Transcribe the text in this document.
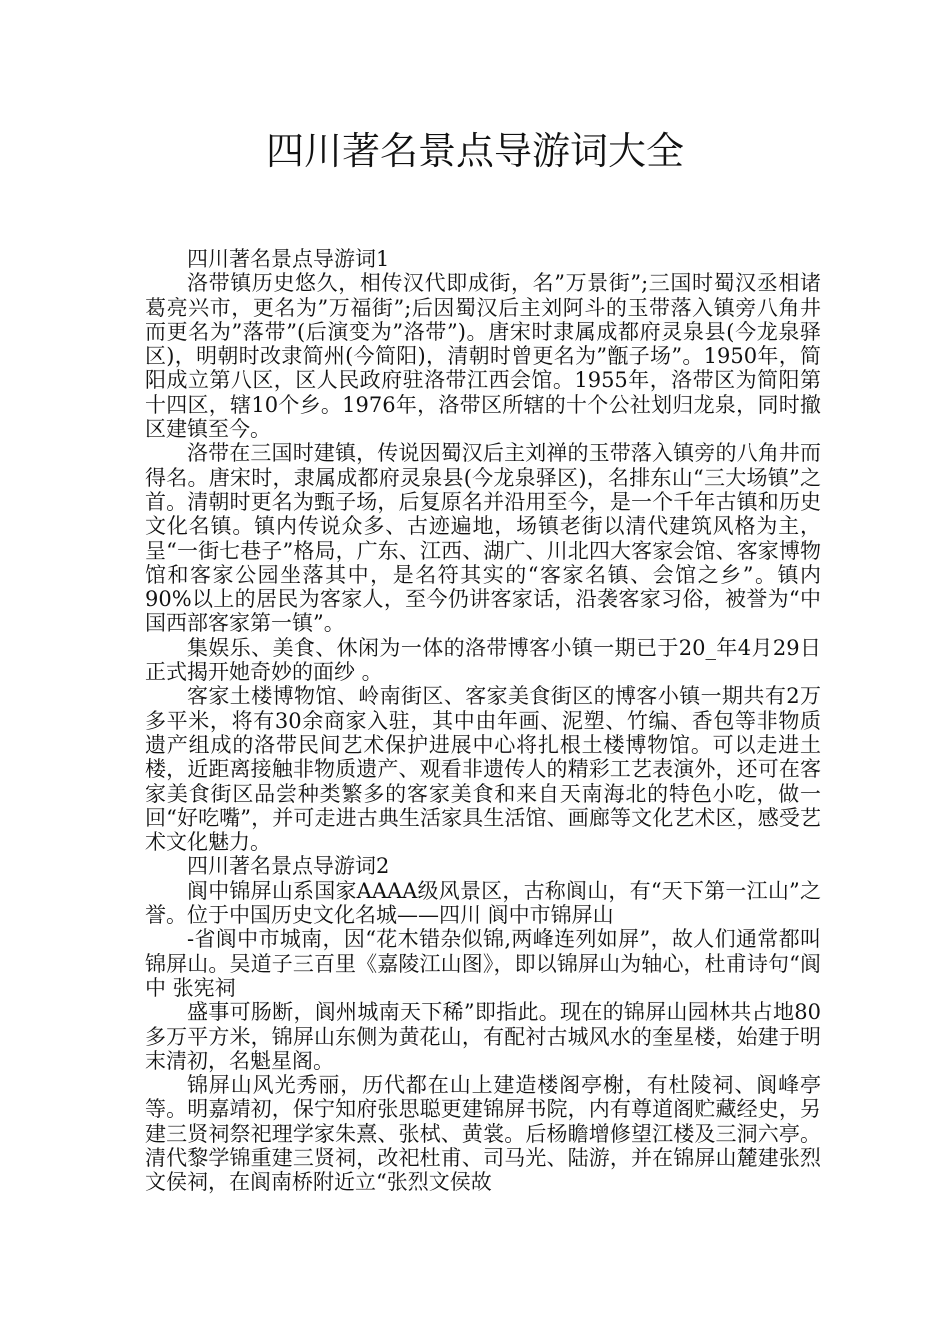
四川著名景点导游词大全

四川著名景点导游词1

洛带镇历史悠久，相传汉代即成街，名”万景街”;三国时蜀汉丞相诸葛亮兴市，更名为”万福街”;后因蜀汉后主刘阿斗的玉带落入镇旁八角井而更名为”落带”(后演变为”洛带”)。唐宋时隶属成都府灵泉县(今龙泉驿区)，明朝时改隶简州(今简阳)，清朝时曾更名为”甑子场”。1950年，简阳成立第八区，区人民政府驻洛带江西会馆。1955年，洛带区为简阳第十四区，辖10个乡。1976年，洛带区所辖的十个公社划归龙泉，同时撤区建镇至今。

洛带在三国时建镇，传说因蜀汉后主刘禅的玉带落入镇旁的八角井而得名。唐宋时，隶属成都府灵泉县(今龙泉驿区)，名排东山“三大场镇”之首。清朝时更名为甄子场，后复原名并沿用至今，是一个千年古镇和历史文化名镇。镇内传说众多、古迹遍地，场镇老街以清代建筑风格为主，呈“一街七巷子”格局，广东、江西、湖广、川北四大客家会馆、客家博物馆和客家公园坐落其中，是名符其实的“客家名镇、会馆之乡”。镇内90%以上的居民为客家人，至今仍讲客家话，沿袭客家习俗，被誉为“中国西部客家第一镇”。

集娱乐、美食、休闲为一体的洛带博客小镇一期已于20_年4月29日正式揭开她奇妙的面纱 。

客家土楼博物馆、岭南街区、客家美食街区的博客小镇一期共有2万多平米，将有30余商家入驻，其中由年画、泥塑、竹编、香包等非物质遗产组成的洛带民间艺术保护进展中心将扎根土楼博物馆。可以走进土楼，近距离接触非物质遗产、观看非遗传人的精彩工艺表演外，还可在客家美食街区品尝种类繁多的客家美食和来自天南海北的特色小吃，做一回“好吃嘴”，并可走进古典生活家具生活馆、画廊等文化艺术区，感受艺术文化魅力。

四川著名景点导游词2

阆中锦屏山系国家AAAA级风景区，古称阆山，有“天下第一江山”之誉。位于中国历史文化名城——四川 阆中市锦屏山

-省阆中市城南，因“花木错杂似锦,两峰连列如屏”，故人们通常都叫锦屏山。吴道子三百里《嘉陵江山图》，即以锦屏山为轴心，杜甫诗句“阆中 张宪祠

盛事可肠断，阆州城南天下稀”即指此。现在的锦屏山园林共占地80多万平方米，锦屏山东侧为黄花山，有配衬古城风水的奎星楼，始建于明末清初，名魁星阁。

锦屏山风光秀丽，历代都在山上建造楼阁亭榭，有杜陵祠、阆峰亭等。明嘉靖初，保宁知府张思聪更建锦屏书院，内有尊道阁贮藏经史，另建三贤祠祭祀理学家朱熹、张栻、黄裳。后杨瞻增修望江楼及三洞六亭。清代黎学锦重建三贤祠，改祀杜甫、司马光、陆游，并在锦屏山麓建张烈文侯祠，在阆南桥附近立“张烈文侯故
